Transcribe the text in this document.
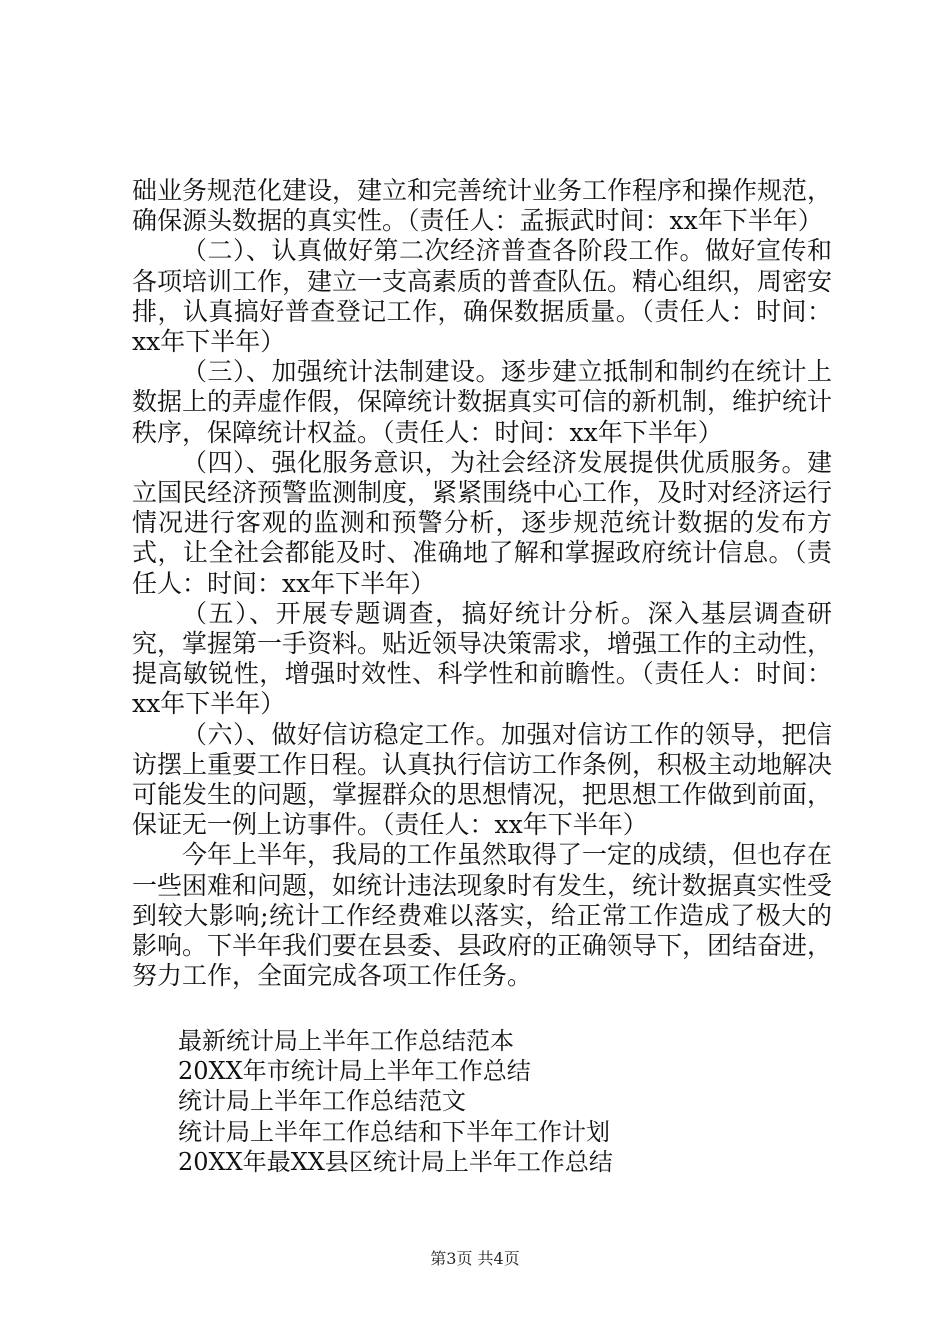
础业务规范化建设，建立和完善统计业务工作程序和操作规范，确保源头数据的真实性。（责任人：孟振武时间：xx年下半年）

（二）、认真做好第二次经济普查各阶段工作。做好宣传和各项培训工作，建立一支高素质的普查队伍。精心组织，周密安排，认真搞好普查登记工作，确保数据质量。（责任人：时间：xx年下半年）

（三）、加强统计法制建设。逐步建立抵制和制约在统计上数据上的弄虚作假，保障统计数据真实可信的新机制，维护统计秩序，保障统计权益。（责任人：时间：xx年下半年）

（四）、强化服务意识，为社会经济发展提供优质服务。建立国民经济预警监测制度，紧紧围绕中心工作，及时对经济运行情况进行客观的监测和预警分析，逐步规范统计数据的发布方式，让全社会都能及时、准确地了解和掌握政府统计信息。（责任人：时间：xx年下半年）

（五）、开展专题调查，搞好统计分析。深入基层调查研究，掌握第一手资料。贴近领导决策需求，增强工作的主动性，提高敏锐性，增强时效性、科学性和前瞻性。（责任人：时间：xx年下半年）

（六）、做好信访稳定工作。加强对信访工作的领导，把信访摆上重要工作日程。认真执行信访工作条例，积极主动地解决可能发生的问题，掌握群众的思想情况，把思想工作做到前面，保证无一例上访事件。（责任人：xx年下半年）

今年上半年，我局的工作虽然取得了一定的成绩，但也存在一些困难和问题，如统计违法现象时有发生，统计数据真实性受到较大影响;统计工作经费难以落实，给正常工作造成了极大的影响。下半年我们要在县委、县政府的正确领导下，团结奋进，努力工作，全面完成各项工作任务。

最新统计局上半年工作总结范本
20XX年市统计局上半年工作总结
统计局上半年工作总结范文
统计局上半年工作总结和下半年工作计划
20XX年最XX县区统计局上半年工作总结
第3页 共4页
